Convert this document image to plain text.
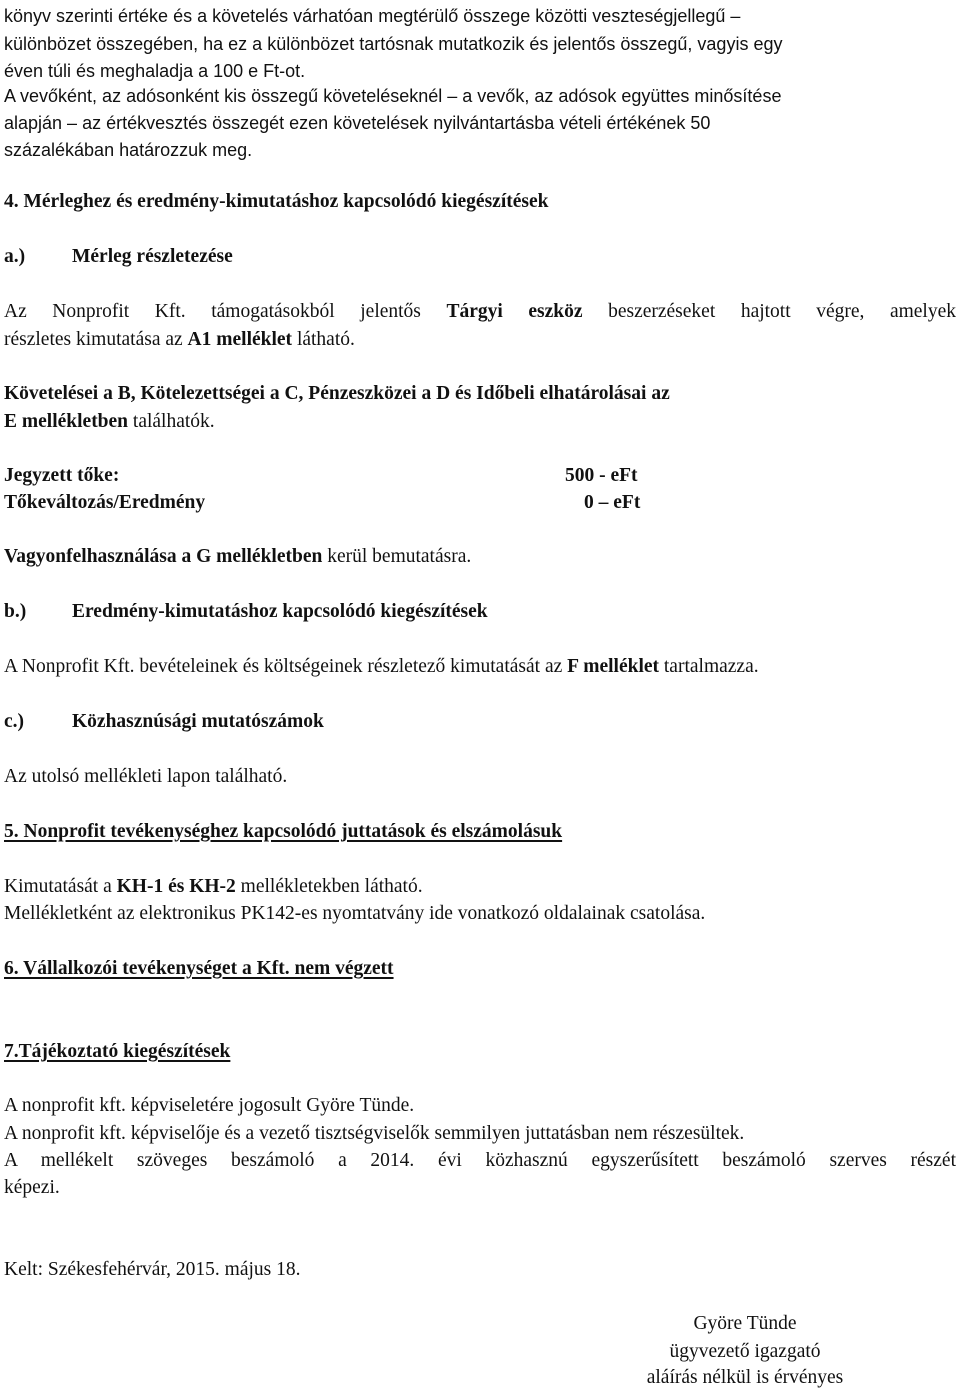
könyv szerinti értéke és a követelés várhatóan megtérülő összege közötti veszteségjellegű –
különbözet összegében, ha ez a különbözet tartósnak mutatkozik és jelentős összegű, vagyis egy
éven túli és meghaladja a 100 e Ft-ot.
A vevőként, az adósonként kis összegű követeléseknél – a vevők, az adósok együttes minősítése
alapján – az értékvesztés összegét ezen követelések nyilvántartásba vételi értékének 50
százalékában határozzuk meg.
4. Mérleghez és eredmény-kimutatáshoz kapcsolódó kiegészítések
a.) Mérleg részletezése
Az Nonprofit Kft. támogatásokból jelentős Tárgyi eszköz beszerzéseket hajtott végre, amelyek
részletes kimutatása az A1 melléklet látható.
Követelései a B, Kötelezettségei a C, Pénzeszközei a D és Időbeli elhatárolásai az
E mellékletben találhatók.
Jegyzett tőke:	500 - eFt
Tőkeváltozás/Eredmény	0 – eFt
Vagyonfelhasználása a G mellékletben kerül bemutatásra.
b.) Eredmény-kimutatáshoz kapcsolódó kiegészítések
A Nonprofit Kft. bevételeinek és költségeinek részletező kimutatását az F melléklet tartalmazza.
c.) Közhasznúsági mutatószámok
Az utolsó mellékleti lapon található.
5. Nonprofit tevékenységhez kapcsolódó juttatások és elszámolásuk
Kimutatását a KH-1 és KH-2 mellékletekben látható.
Mellékletként az elektronikus PK142-es nyomtatvány ide vonatkozó oldalainak csatolása.
6. Vállalkozói tevékenységet a Kft. nem végzett
7.Tájékoztató kiegészítések
A nonprofit kft. képviseletére jogosult Györe Tünde.
A nonprofit kft. képviselője és a vezető tisztségviselők semmilyen juttatásban nem részesültek.
A mellékelt szöveges beszámoló a 2014. évi közhasznú egyszerűsített beszámoló szerves részét
képezi.
Kelt: Székesfehérvár, 2015. május 18.
Györe Tünde
ügyvezető igazgató
aláírás nélkül is érvényes
